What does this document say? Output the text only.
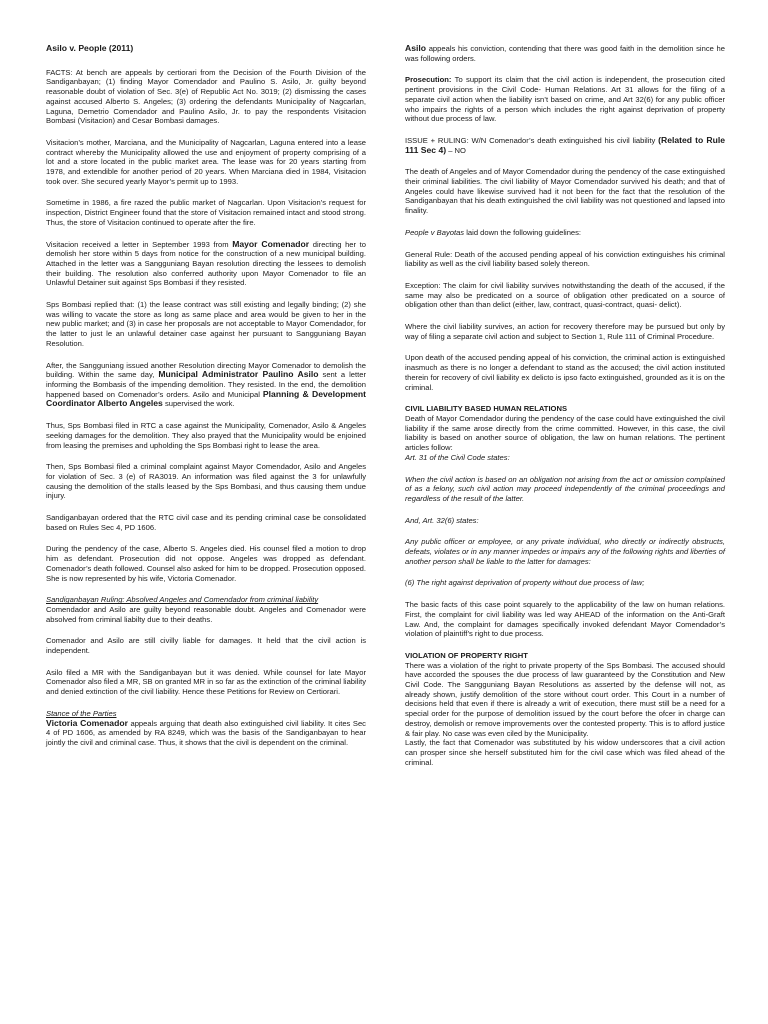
Asilo v. People (2011)

FACTS: At bench are appeals by certiorari from the Decision of the Fourth Division of the Sandiganbayan; (1) finding Mayor Comendador and Paulino S. Asilo, Jr. guilty beyond reasonable doubt of violation of Sec. 3(e) of Republic Act No. 3019; (2) dismissing the cases against accused Alberto S. Angeles; (3) ordering the defendants Municipality of Nagcarlan, Laguna, Demetrio Comendador and Paulino Asilo, Jr. to pay the respondents Visitacion Bombasi (Visitacion) and Cesar Bombasi damages.

Visitacion’s mother, Marciana, and the Municipality of Nagcarlan, Laguna entered into a lease contract whereby the Municipality allowed the use and enjoyment of property comprising of a lot and a store located in the public market area. The lease was for 20 years starting from 1978, and extendible for another period of 20 years. When Marciana died in 1984, Visitacion took over. She secured yearly Mayor’s permit up to 1993.

Sometime in 1986, a fire razed the public market of Nagcarlan. Upon Visitacion’s request for inspection, District Engineer found that the store of Visitacion remained intact and stood strong. Thus, the store of Visitacion continued to operate after the fire.

Visitacion received a letter in September 1993 from Mayor Comenador directing her to demolish her store within 5 days from notice for the construction of a new municipal building. Attached in the letter was a Sangguniang Bayan resolution directing the lessees to demolish their building. The resolution also conferred authority upon Mayor Comenador to file an Unlawful Detainer suit against Sps Bombasi if they resisted.

Sps Bombasi replied that: (1) the lease contract was still existing and legally binding; (2) she was willing to vacate the store as long as same place and area would be given to her in the new public market; and (3) in case her proposals are not acceptable to Mayor Comendador, for the latter to just le an unlawful detainer case against her pursuant to Sangguniang Bayan Resolution.

After, the Sangguniang issued another Resolution directing Mayor Comenador to demolish the building. Within the same day, Municipal Administrator Paulino Asilo sent a letter informing the Bombasis of the impending demolition. They resisted. In the end, the demolition happened based on Comenador’s orders. Asilo and Municipal Planning & Development Coordinator Alberto Angeles supervised the work.

Thus, Sps Bombasi filed in RTC a case against the Municipality, Comenador, Asilo & Angeles seeking damages for the demolition. They also prayed that the Municipality would be enjoined from leasing the premises and upholding the Sps Bombasi right to lease the area.

Then, Sps Bombasi filed a criminal complaint against Mayor Comendador, Asilo and Angeles for violation of Sec. 3 (e) of RA3019. An information was filed against the 3 for unlawfully causing the demolition of the stalls leased by the Sps Bombasi, and thus causing them undue injury.

Sandiganbayan ordered that the RTC civil case and its pending criminal case be consolidated based on Rules Sec 4, PD 1606.

During the pendency of the case, Alberto S. Angeles died. His counsel filed a motion to drop him as defendant. Prosecution did not oppose. Angeles was dropped as defendant. Comenador’s death followed. Counsel also asked for him to be dropped. Prosecution opposed. She is now represented by his wife, Victoria Comenador.

Sandiganbayan Ruling: Absolved Angeles and Comendador from criminal liability

Comendador and Asilo are guilty beyond reasonable doubt. Angeles and Comenador were absolved from criminal liabilty due to their deaths.

Comenador and Asilo are still civilly liable for damages. It held that the civil action is independent.

Asilo filed a MR with the Sandiganbayan but it was denied. While counsel for late Mayor Comenador also filed a MR, SB on granted MR in so far as the extinction of the criminal liability and denied extinction of the civil liability. Hence these Petitions for Review on Certiorari.

Stance of the Parties

Victoria Comenador appeals arguing that death also extinguished civil liability. It cites Sec 4 of PD 1606, as amended by RA 8249, which was the basis of the Sandiganbayan to hear jointly the civil and criminal case. Thus, it shows that the civil is dependent on the criminal.

Asilo appeals his conviction, contending that there was good faith in the demolition since he was following orders.

Prosecution: To support its claim that the civil action is independent, the prosecution cited pertinent provisions in the Civil Code- Human Relations. Art 31 allows for the filing of a separate civil action when the liability isn’t based on crime, and Art 32(6) for any public officer who impairs the rights of a person which includes the right against deprivation of property without due process of law.

ISSUE + RULING: W/N Comenador’s death extinguished his civil liability (Related to Rule 111 Sec 4) – NO

The death of Angeles and of Mayor Comendador during the pendency of the case extinguished their criminal liabilities. The civil liability of Mayor Comendador survived his death; and that of Angeles could have likewise survived had it not been for the fact that the resolution of the Sandiganbayan that his death extinguished the civil liability was not questioned and lapsed into finality.

People v Bayotas laid down the following guidelines:

General Rule: Death of the accused pending appeal of his conviction extinguishes his criminal liability as well as the civil liability based solely thereon.

Exception: The claim for civil liability survives notwithstanding the death of the accused, if the same may also be predicated on a source of obligation other predicated on a source of obligation other than than delict (either, law, contract, quasi-contract, quasi- delict).

Where the civil liability survives, an action for recovery therefore may be pursued but only by way of filing a separate civil action and subject to Section 1, Rule 111 of Criminal Procedure.

Upon death of the accused pending appeal of his conviction, the criminal action is extinguished inasmuch as there is no longer a defendant to stand as the accused; the civil action instituted therein for recovery of civil liability ex delicto is ipso facto extinguished, grounded as it is on the criminal.

CIVIL LIABILITY BASED HUMAN RELATIONS

Death of Mayor Comendador during the pendency of the case could have extinguished the civil liability if the same arose directly from the crime committed. However, in this case, the civil liability is based on another source of obligation, the law on human relations. The pertinent articles follow:

Art. 31 of the Civil Code states:

When the civil action is based on an obligation not arising from the act or omission complained of as a felony, such civil action may proceed independently of the criminal proceedings and regardless of the result of the latter.

And, Art. 32(6) states:

Any public officer or employee, or any private individual, who directly or indirectly obstructs, defeats, violates or in any manner impedes or impairs any of the following rights and liberties of another person shall be liable to the latter for damages:

(6) The right against deprivation of property without due process of law;

The basic facts of this case point squarely to the applicability of the law on human relations. First, the complaint for civil liability was led way AHEAD of the information on the Anti-Graft Law. And, the complaint for damages specifically invoked defendant Mayor Comendador’s violation of plaintiff’s right to due process.

VIOLATION OF PROPERTY RIGHT

There was a violation of the right to private property of the Sps Bombasi. The accused should have accorded the spouses the due process of law guaranteed by the Constitution and New Civil Code. The Sangguniang Bayan Resolutions as asserted by the defense will not, as already shown, justify demolition of the store without court order. This Court in a number of decisions held that even if there is already a writ of execution, there must still be a need for a special order for the purpose of demolition issued by the court before the ofcer in charge can destroy, demolish or remove improvements over the contested property. This is to afford justice & fair play. No case was even ciled by the Municipality.

Lastly, the fact that Comenador was substituted by his widow underscores that a civil action can prosper since she herself substituted him for the civil case which was filed ahead of the criminal.
